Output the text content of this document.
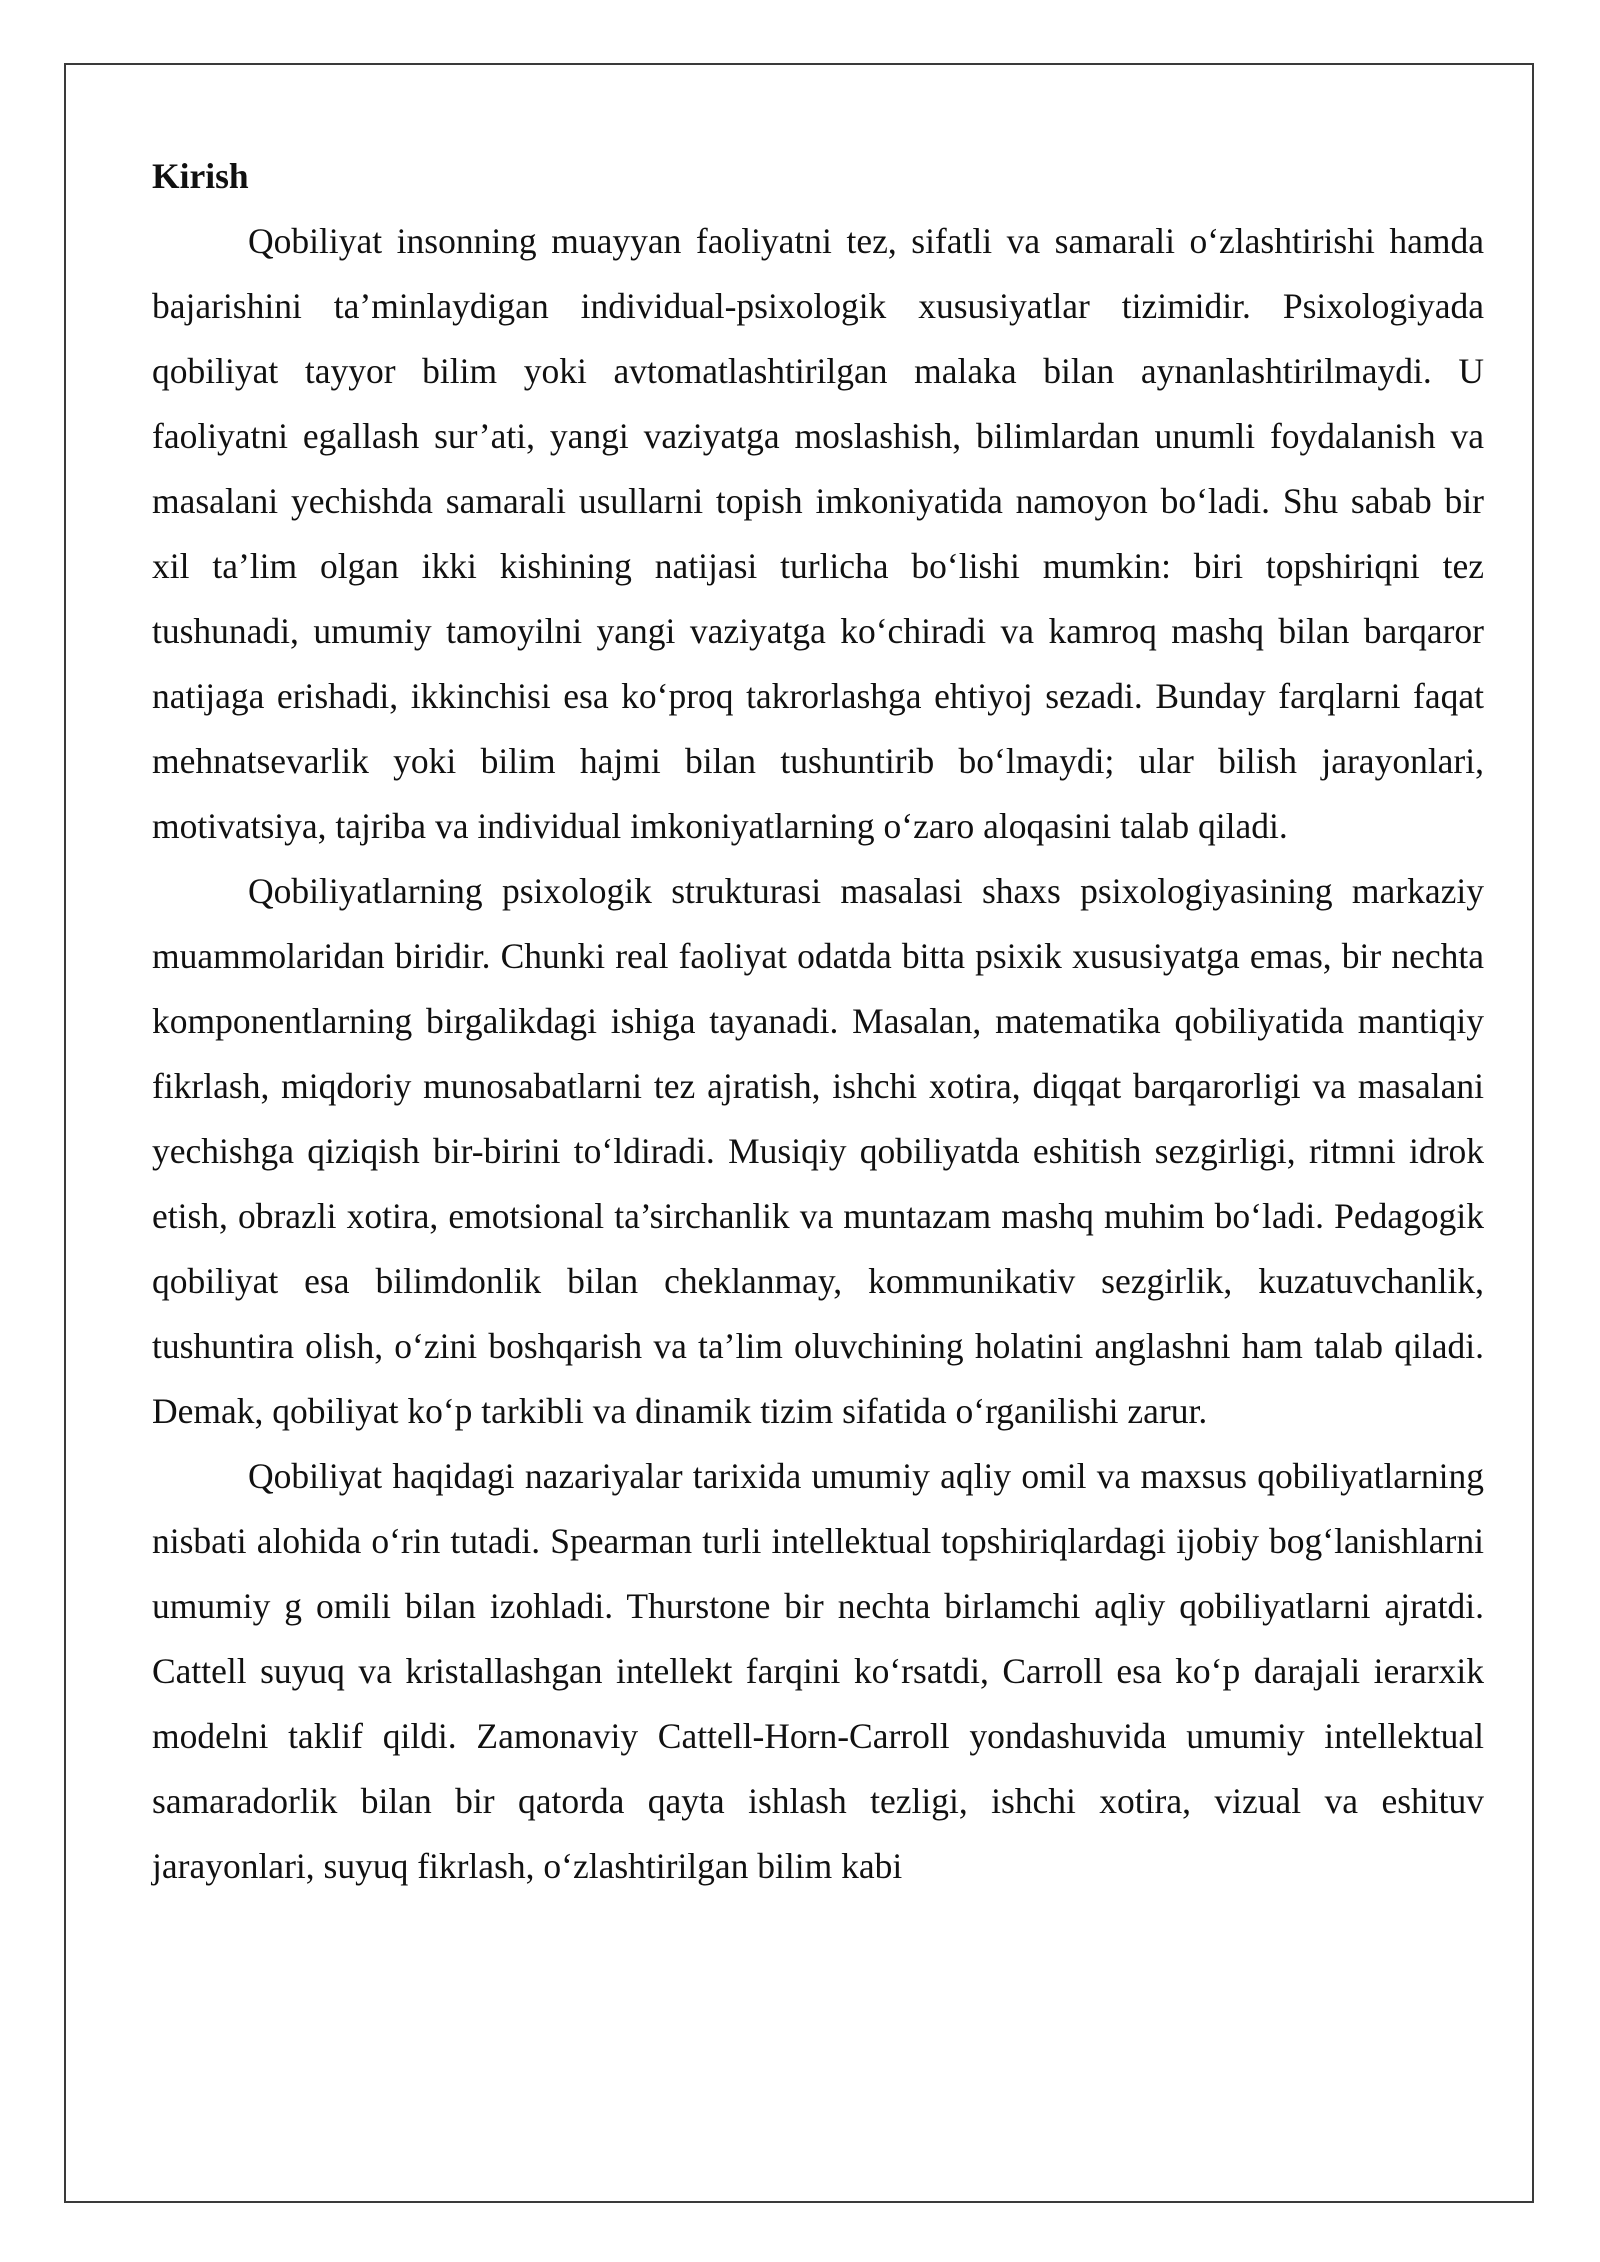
Kirish

Qobiliyat insonning muayyan faoliyatni tez, sifatli va samarali o‘zlashtirishi hamda bajarishini ta’minlaydigan individual-psixologik xususiyatlar tizimidir. Psixologiyada qobiliyat tayyor bilim yoki avtomatlashtirilgan malaka bilan aynanlashtirilmaydi. U faoliyatni egallash sur’ati, yangi vaziyatga moslashish, bilimlardan unumli foydalanish va masalani yechishda samarali usullarni topish imkoniyatida namoyon bo‘ladi. Shu sabab bir xil ta’lim olgan ikki kishining natijasi turlicha bo‘lishi mumkin: biri topshiriqni tez tushunadi, umumiy tamoyilni yangi vaziyatga ko‘chiradi va kamroq mashq bilan barqaror natijaga erishadi, ikkinchisi esa ko‘proq takrorlashga ehtiyoj sezadi. Bunday farqlarni faqat mehnatsevarlik yoki bilim hajmi bilan tushuntirib bo‘lmaydi; ular bilish jarayonlari, motivatsiya, tajriba va individual imkoniyatlarning o‘zaro aloqasini talab qiladi.

Qobiliyatlarning psixologik strukturasi masalasi shaxs psixologiyasining markaziy muammolaridan biridir. Chunki real faoliyat odatda bitta psixik xususiyatga emas, bir nechta komponentlarning birgalikdagi ishiga tayanadi. Masalan, matematika qobiliyatida mantiqiy fikrlash, miqdoriy munosabatlarni tez ajratish, ishchi xotira, diqqat barqarorligi va masalani yechishga qiziqish bir-birini to‘ldiradi. Musiqiy qobiliyatda eshitish sezgirligi, ritmni idrok etish, obrazli xotira, emotsional ta’sirchanlik va muntazam mashq muhim bo‘ladi. Pedagogik qobiliyat esa bilimdonlik bilan cheklanmay, kommunikativ sezgirlik, kuzatuvchanlik, tushuntira olish, o‘zini boshqarish va ta’lim oluvchining holatini anglashni ham talab qiladi. Demak, qobiliyat ko‘p tarkibli va dinamik tizim sifatida o‘rganilishi zarur.

Qobiliyat haqidagi nazariyalar tarixida umumiy aqliy omil va maxsus qobiliyatlarning nisbati alohida o‘rin tutadi. Spearman turli intellektual topshiriqlardagi ijobiy bog‘lanishlarni umumiy g omili bilan izohladi. Thurstone bir nechta birlamchi aqliy qobiliyatlarni ajratdi. Cattell suyuq va kristallashgan intellekt farqini ko‘rsatdi, Carroll esa ko‘p darajali ierarxik modelni taklif qildi. Zamonaviy Cattell-Horn-Carroll yondashuvida umumiy intellektual samaradorlik bilan bir qatorda qayta ishlash tezligi, ishchi xotira, vizual va eshituv jarayonlari, suyuq fikrlash, o‘zlashtirilgan bilim kabi
